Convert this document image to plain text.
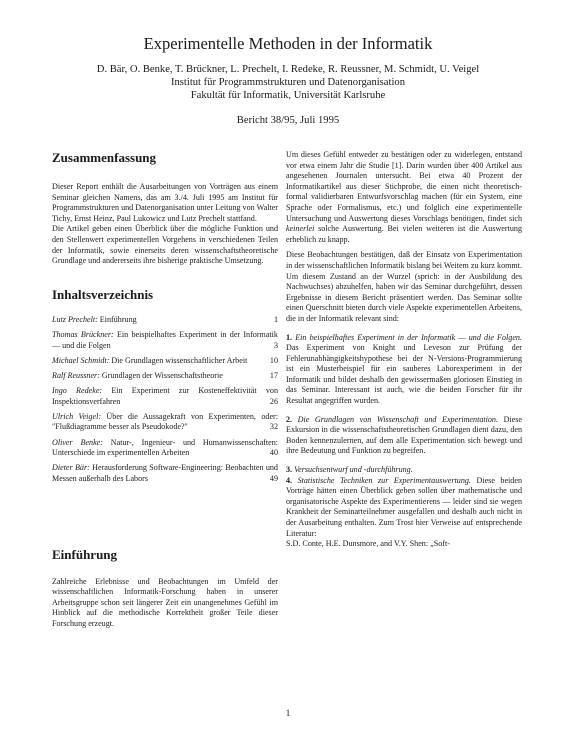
Experimentelle Methoden in der Informatik
D. Bär, O. Benke, T. Brückner, L. Prechelt, I. Redeke, R. Reussner, M. Schmidt, U. Veigel
Institut für Programmstrukturen und Datenorganisation
Fakultät für Informatik, Universität Karlsruhe
Bericht 38/95, Juli 1995
Zusammenfassung

Dieser Report enthält die Ausarbeitungen von Vorträgen aus einem Seminar gleichen Namens, das am 3./4. Juli 1995 am Institut für Programmstrukturen und Datenorganisation unter Leitung von Walter Tichy, Ernst Heinz, Paul Lukowicz und Lutz Prechelt stattfand.

Die Artikel geben einen Überblick über die mögliche Funktion und den Stellenwert experimentellen Vorgehens in verschiedenen Teilen der Informatik, sowie einerseits deren wissenschaftstheoretische Grundlage und andererseits ihre bisherige praktische Umsetzung.

Inhaltsverzeichnis
Lutz Prechelt: Einführung	1
Thomas Brückner: Ein beispielhaftes Experiment in der Informatik — und die Folgen	3
Michael Schmidt: Die Grundlagen wissenschaftlicher Arbeit	10
Ralf Reussner: Grundlagen der Wissenschaftstheorie	17
Ingo Redeke: Ein Experiment zur Kosteneffektivität von Inspektionsverfahren	26
Ulrich Veigel: Über die Aussagekraft von Experimenten, oder: "Flußdiagramme besser als Pseudokode?"	32
Oliver Benke: Natur-, Ingenieur- und Humanwissenschaften: Unterschiede im experimentellen Arbeiten	40
Dieter Bär: Herausforderung Software-Engineering: Beobachten und Messen außerhalb des Labors	49
Einführung

Zahlreiche Erlebnisse und Beobachtungen im Umfeld der wissenschaftlichen Informatik-Forschung haben in unserer Arbeitsgruppe schon seit längerer Zeit ein unangenehmes Gefühl im Hinblick auf die methodische Korrektheit großer Teile dieser Forschung erzeugt.

Um dieses Gefühl entweder zu bestätigen oder zu widerlegen, entstand vor etwa einem Jahr die Studie [1]. Darin wurden über 400 Artikel aus angesehenen Journalen untersucht. Bei etwa 40 Prozent der Informatikartikel aus dieser Stichprobe, die einen nicht theoretisch-formal validierbaren Entwurfsvorschlag machen (für ein System, eine Sprache oder Formalismus, etc.) und folglich eine experimentelle Untersuchung und Auswertung dieses Vorschlags benötigen, findet sich keinerlei solche Auswertung. Bei vielen weiteren ist die Auswertung erheblich zu knapp.

Diese Beobachtungen bestätigen, daß der Einsatz von Experimentation in der wissenschaftlichen Informatik bislang bei Weitem zu kurz kommt. Um diesem Zustand an der Wurzel (sprich: in der Ausbildung des Nachwuchses) abzuhelfen, haben wir das Seminar durchgeführt, dessen Ergebnisse in diesem Bericht präsentiert werden. Das Seminar sollte einen Querschnitt bieten durch viele Aspekte experimentellen Arbeitens, die in der Informatik relevant sind:

1. Ein beispielhaftes Experiment in der Informatik — und die Folgen. Das Experiment von Knight und Leveson zur Prüfung der Fehlerunabhängigkeitshypothese bei der N-Versions-Programmierung ist ein Musterbeispiel für ein sauberes Laborexperiment in der Informatik und bildet deshalb den gewissermaßen gloriosen Einstieg in das Seminar. Interessant ist auch, wie die beiden Forscher für ihr Resultat angegriffen wurden.

2. Die Grundlagen von Wissenschaft und Experimentation. Diese Exkursion in die wissenschaftstheoretischen Grundlagen dient dazu, den Boden kennenzulernen, auf dem alle Experimentation sich bewegt und ihre Bedeutung und Funktion zu begreifen.

3. Versuchsentwurf und -durchführung.

4. Statistische Techniken zur Experimentauswertung. Diese beiden Vorträge hätten einen Überblick geben sollen über mathematische und organisatorische Aspekte des Experimentierens — leider sind sie wegen Krankheit der Seminarteilnehmer ausgefallen und deshalb auch nicht in der Ausarbeitung enthalten. Zum Trost hier Verweise auf entsprechende Literatur:

S.D. Conte, H.E. Dunsmore, and V.Y. Shen: „Soft-

1
